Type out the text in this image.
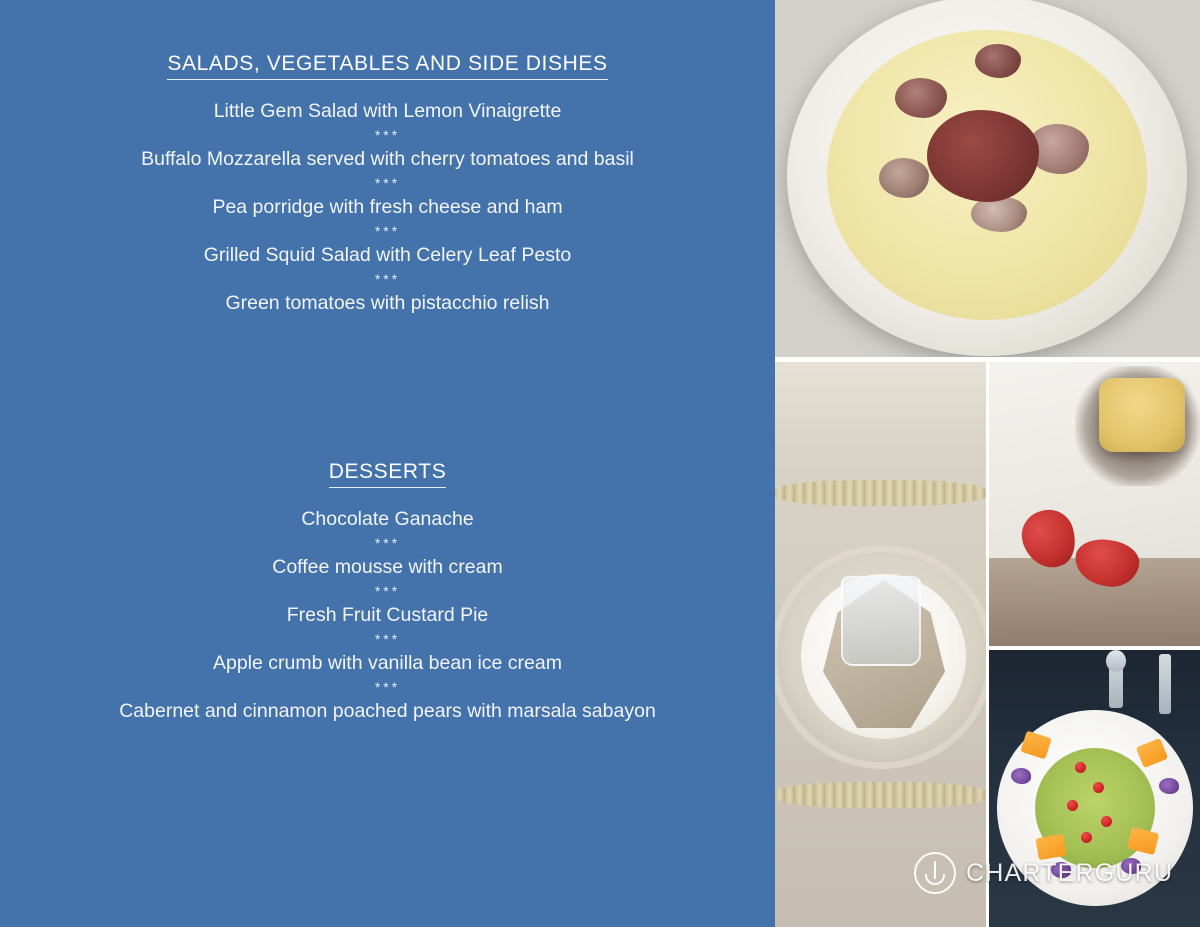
SALADS, VEGETABLES AND SIDE DISHES
Little Gem Salad with Lemon Vinaigrette
***
Buffalo Mozzarella served with cherry tomatoes and basil
***
Pea porridge with fresh cheese and ham
***
Grilled Squid Salad with Celery Leaf Pesto
***
Green tomatoes with pistacchio relish
DESSERTS
Chocolate Ganache
***
Coffee mousse with cream
***
Fresh Fruit Custard Pie
***
Apple crumb with vanilla bean ice cream
***
Cabernet and cinnamon poached pears with marsala sabayon
CHARTERGURU
